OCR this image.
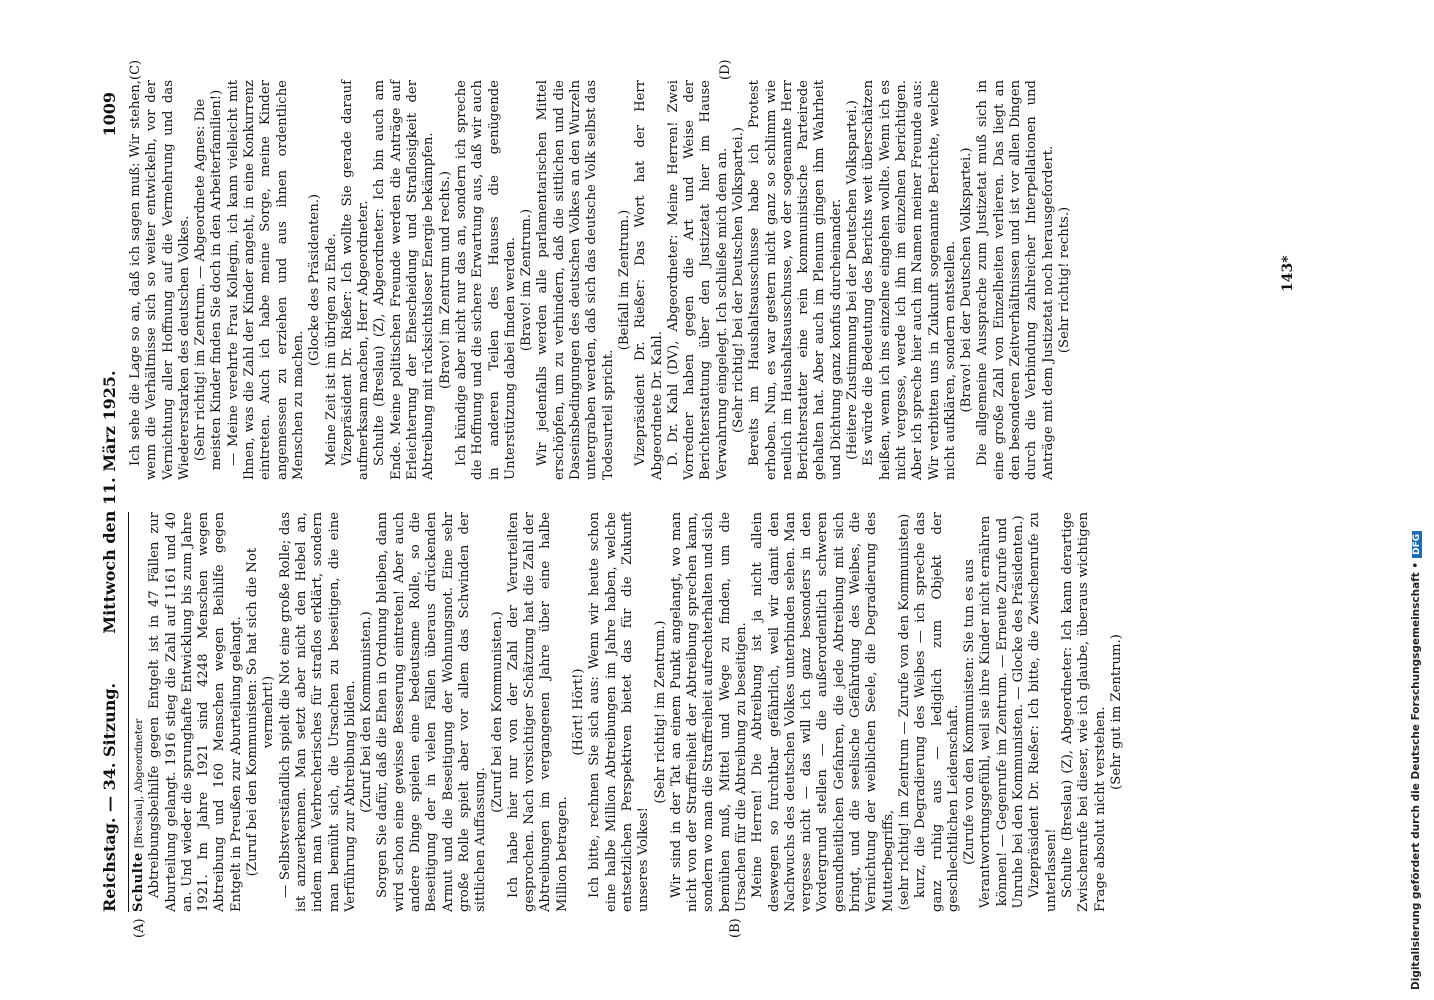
Reichstag. — 34. Sitzung.
Mittwoch den 11. März 1925.
1009
Schulte [Breslau], Abgeordneter Abtreibungsbeihilfe gegen Entgelt ist in 47 Fällen zur Aburteilung gelangt. 1916 stieg die Zahl auf 1161 und 40 an. Und wieder die sprunghafte Entwicklung bis zum Jahre 1921. Im Jahre 1921 sind 4248 Menschen wegen Abtreibung und 160 Menschen wegen Beihilfe gegen Entgelt in Preußen zur Aburteilung gelangt. (Zuruf bei den Kommunisten: So hat sich die Not vermehrt!) — Selbstverständlich spielt die Not eine große Rolle; das ist anzuerkennen. Man setzt aber nicht den Hebel an, indem man Verbrecherisches für straflos erklärt, sondern man bemüht sich, die Ursachen zu beseitigen, die eine Verführung zur Abtreibung bilden. (Zuruf bei den Kommunisten.) Sorgen Sie dafür, daß die Ehen in Ordnung bleiben, dann wird schon eine gewisse Besserung eintreten! Aber auch andere Dinge spielen eine bedeutsame Rolle, so die Beseitigung der in vielen Fällen überaus drückenden Armut und die Beseitigung der Wohnungsnot. Eine sehr große Rolle spielt aber vor allem das Schwinden der sittlichen Auffassung.

(Zuruf bei den Kommunisten.) Ich habe hier nur von der Zahl der Verurteilten gesprochen. Nach vorsichtiger Schätzung hat die Zahl der Abtreibungen im vergangenen Jahre über eine halbe Million betragen.

(Hört! Hört!) Ich bitte, rechnen Sie sich aus: Wenn wir heute schon eine halbe Million Abtreibungen im Jahre haben, welche entsetzlichen Perspektiven bietet das für die Zukunft unseres Volkes!

(Sehr richtig! im Zentrum.) Wir sind in der Tat an einem Punkt angelangt, wo man nicht von der Straffreiheit der Abtreibung sprechen kann, sondern wo man die Straffreiheit aufrechterhalten und sich bemühen muß, Mittel und Wege zu finden, um die Ursachen für die Abtreibung zu beseitigen. Meine Herren! Die Abtreibung ist ja nicht allein deswegen so furchtbar gefährlich, weil wir damit den Nachwuchs des deutschen Volkes unterbinden sehen. Man vergesse nicht — das will ich ganz besonders in den Vordergrund stellen — die außerordentlich schweren gesundheitlichen Gefahren, die jede Abtreibung mit sich bringt, und die seelische Gefährdung des Weibes, die Vernichtung der weiblichen Seele, die Degradierung des Mutterbegriffs, (sehr richtig! im Zentrum — Zurufe von den Kommunisten) kurz, die Degradierung des Weibes — ich spreche das ganz ruhig aus — lediglich zum Objekt der geschlechtlichen Leidenschaft. (Zurufe von den Kommunisten: Sie tun es aus Verantwortungsgefühl, weil sie ihre Kinder nicht ernähren können! — Gegenrufe im Zentrum. — Erneute Zurufe und Unruhe bei den Kommunisten. — Glocke des Präsidenten.) Vizepräsident Dr. Rießer: Ich bitte, die Zwischenrufe zu unterlassen! Schulte (Breslau) (Z), Abgeordneter: Ich kann derartige Zwischenrufe bei dieser, wie ich glaube, überaus wichtigen Frage absolut nicht verstehen. (Sehr gut im Zentrum.)

Ich sehe die Lage so an, daß ich sagen muß: Wir stehen, wenn die Verhältnisse sich so weiter entwickeln, vor der Vernichtung aller Hoffnung auf die Vermehrung und das Wiedererstarken des deutschen Volkes. (Sehr richtig! im Zentrum. — Abgeordnete Agnes: Die meisten Kinder finden Sie doch in den Arbeiterfamilien!) — Meine verehrte Frau Kollegin, ich kann vielleicht mit Ihnen, was die Zahl der Kinder angeht, in eine Konkurrenz eintreten. Auch ich habe meine Sorge, meine Kinder angemessen zu erziehen und aus ihnen ordentliche Menschen zu machen.

(Glocke des Präsidenten.) Meine Zeit ist im übrigen zu Ende. Vizepräsident Dr. Rießer: Ich wollte Sie gerade darauf aufmerksam machen, Herr Abgeordneter. Schulte (Breslau) (Z), Abgeordneter: Ich bin auch am Ende. Meine politischen Freunde werden die Anträge auf Erleichterung der Ehescheidung und Straflosigkeit der Abtreibung mit rücksichtsloser Energie bekämpfen. (Bravo! im Zentrum und rechts.) Ich kündige aber nicht nur das an, sondern ich spreche die Hoffnung und die sichere Erwartung aus, daß wir auch in anderen Teilen des Hauses die genügende Unterstützung dabei finden werden. (Bravo! im Zentrum.) Wir jedenfalls werden alle parlamentarischen Mittel erschöpfen, um zu verhindern, daß die sittlichen und die Daseinsbedingungen des deutschen Volkes an den Wurzeln untergraben werden, daß sich das deutsche Volk selbst das Todesurteil spricht.

(Beifall im Zentrum.) Vizepräsident Dr. Rießer: Das Wort hat der Herr Abgeordnete Dr. Kahl. D. Dr. Kahl (DV), Abgeordneter: Meine Herren! Zwei Vorredner haben gegen die Art und Weise der Berichterstattung über den Justizetat hier im Hause Verwahrung eingelegt. Ich schließe mich dem an. (Sehr richtig! bei der Deutschen Volkspartei.) Bereits im Haushaltsausschusse habe ich Protest erhoben. Nun, es war gestern nicht ganz so schlimm wie neulich im Haushaltsausschusse, wo der sogenannte Herr Berichterstatter eine rein kommunistische Parteirede gehalten hat. Aber auch im Plenum gingen ihm Wahrheit und Dichtung ganz konfus durcheinander. (Heitere Zustimmung bei der Deutschen Volkspartei.) Es würde die Bedeutung des Berichts weit überschätzen heißen, wenn ich ins einzelne eingehen wollte. Wenn ich es nicht vergesse, werde ich ihn im einzelnen berichtigen. Aber ich spreche hier auch im Namen meiner Freunde aus: Wir verbitten uns in Zukunft sogenannte Berichte, welche nicht aufklären, sondern entstellen. (Bravo! bei der Deutschen Volkspartei.) Die allgemeine Aussprache zum Justizetat muß sich in eine große Zahl von Einzelheiten verlieren. Das liegt an den besonderen Zeitverhältnissen und ist vor allen Dingen durch die Verbindung zahlreicher Interpellationen und Anträge mit dem Justizetat noch herausgefordert. (Sehr richtig! rechts.)

(A)	(B)
(C)	(D)
143*
Digitalisierung gefördert durch die Deutsche Forschungsgemeinschaft •DFG
